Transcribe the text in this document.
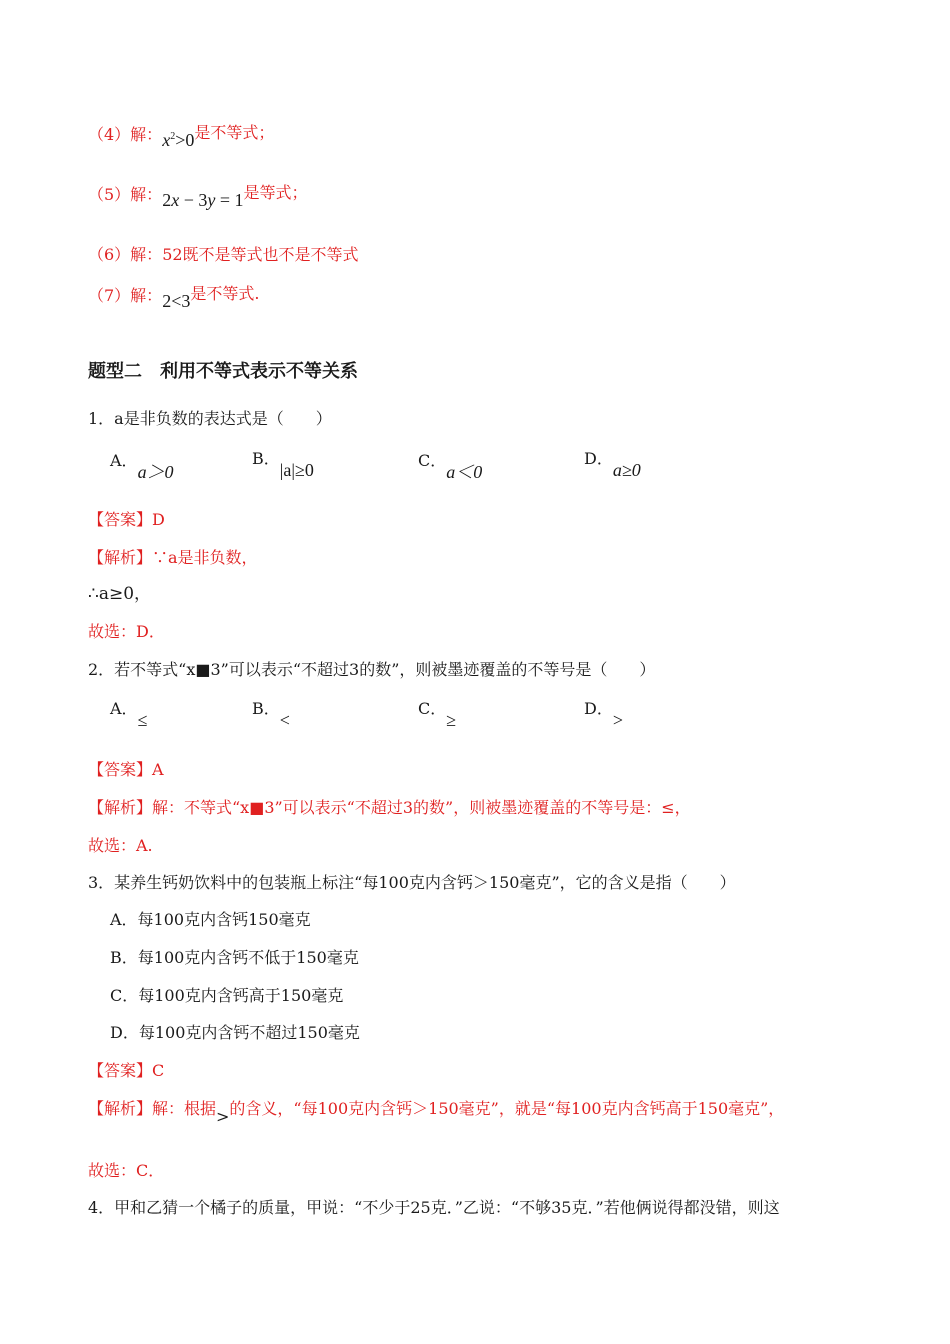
（4）解：$x^2>0$是不等式；
（5）解：2x − 3y = 1是等式；
（6）解：52既不是等式也不是不等式
（7）解：2<3是不等式.
题型二 利用不等式表示不等关系
1．a是非负数的表达式是（　　）
A．a＞0
B．|a|≥0	C．a＜0
D．a≥0
【答案】D
【解析】∵a是非负数，
∴a≥0，
故选：D．
2．若不等式“x■3”可以表示“不超过3的数”，则被墨迹覆盖的不等号是（　　）
A．≤
B．<
C．≥
D．>
【答案】A
【解析】解：不等式“x■3”可以表示“不超过3的数”，则被墨迹覆盖的不等号是：≤，
故选：A.
3．某养生钙奶饮料中的包装瓶上标注“每100克内含钙＞150毫克”，它的含义是指（　　）
A．每100克内含钙150毫克
B．每100克内含钙不低于150毫克
C．每100克内含钙高于150毫克
D．每100克内含钙不超过150毫克
【答案】C
【解析】解：根据>的含义，“每100克内含钙＞150毫克”，就是“每100克内含钙高于150毫克”，
故选：C．
4．甲和乙猜一个橘子的质量，甲说：“不少于25克．”乙说：“不够35克．”若他俩说得都没错，则这
